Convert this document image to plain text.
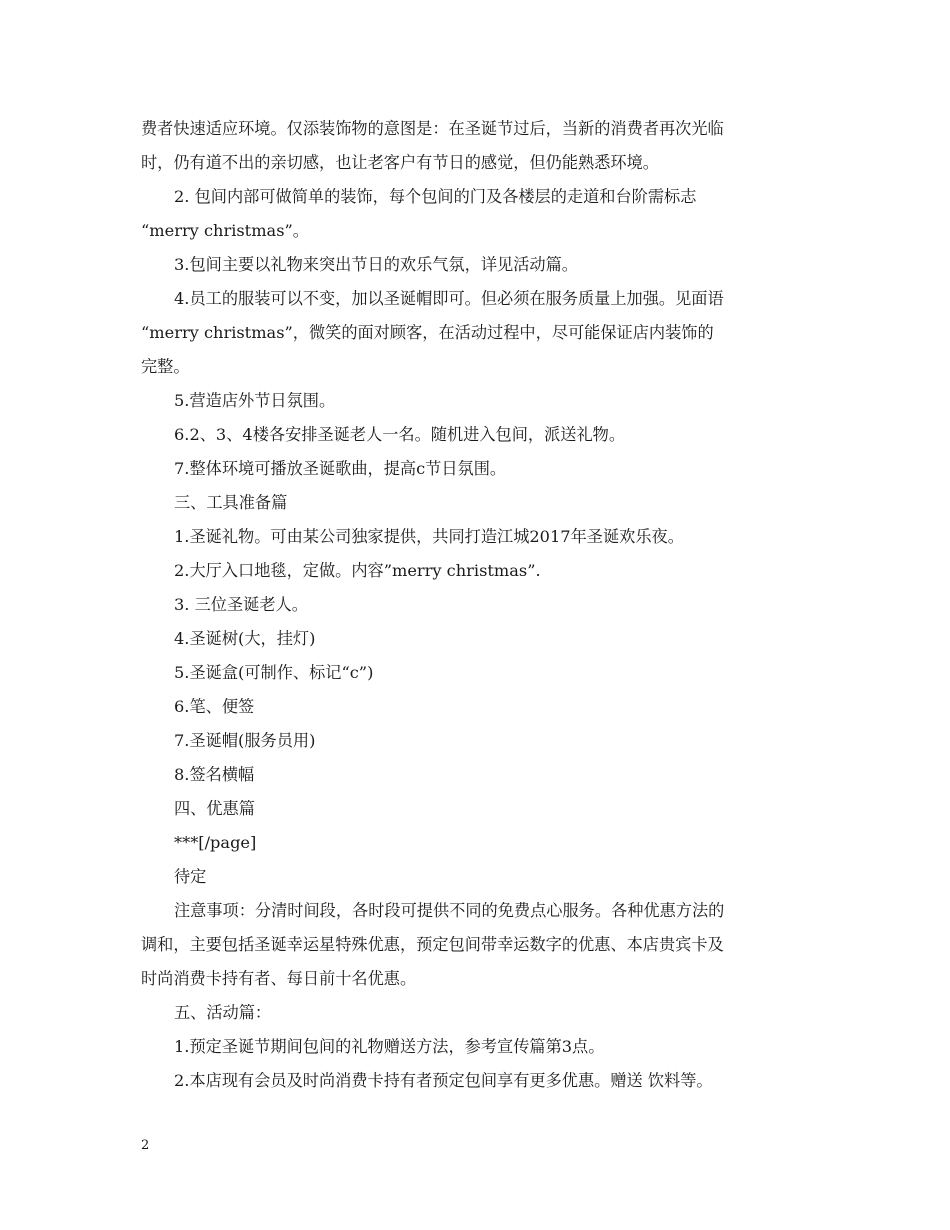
费者快速适应环境。仅添装饰物的意图是：在圣诞节过后，当新的消费者再次光临

时，仍有道不出的亲切感，也让老客户有节日的感觉，但仍能熟悉环境。

2. 包间内部可做简单的装饰，每个包间的门及各楼层的走道和台阶需标志

“merry christmas”。

3.包间主要以礼物来突出节日的欢乐气氛，详见活动篇。

4.员工的服装可以不变，加以圣诞帽即可。但必须在服务质量上加强。见面语

“merry christmas”，微笑的面对顾客，在活动过程中，尽可能保证店内装饰的

完整。

5.营造店外节日氛围。

6.2、3、4楼各安排圣诞老人一名。随机进入包间，派送礼物。

7.整体环境可播放圣诞歌曲，提高c节日氛围。

三、工具准备篇

1.圣诞礼物。可由某公司独家提供，共同打造江城2017年圣诞欢乐夜。

2.大厅入口地毯，定做。内容”merry christmas”.

3. 三位圣诞老人。

4.圣诞树(大，挂灯)

5.圣诞盒(可制作、标记“c”)

6.笔、便签

7.圣诞帽(服务员用)

8.签名横幅

四、优惠篇

***[/page]

待定

注意事项：分清时间段，各时段可提供不同的免费点心服务。各种优惠方法的

调和，主要包括圣诞幸运星特殊优惠，预定包间带幸运数字的优惠、本店贵宾卡及

时尚消费卡持有者、每日前十名优惠。

五、活动篇：

1.预定圣诞节期间包间的礼物赠送方法，参考宣传篇第3点。

2.本店现有会员及时尚消费卡持有者预定包间享有更多优惠。赠送 饮料等。

2
